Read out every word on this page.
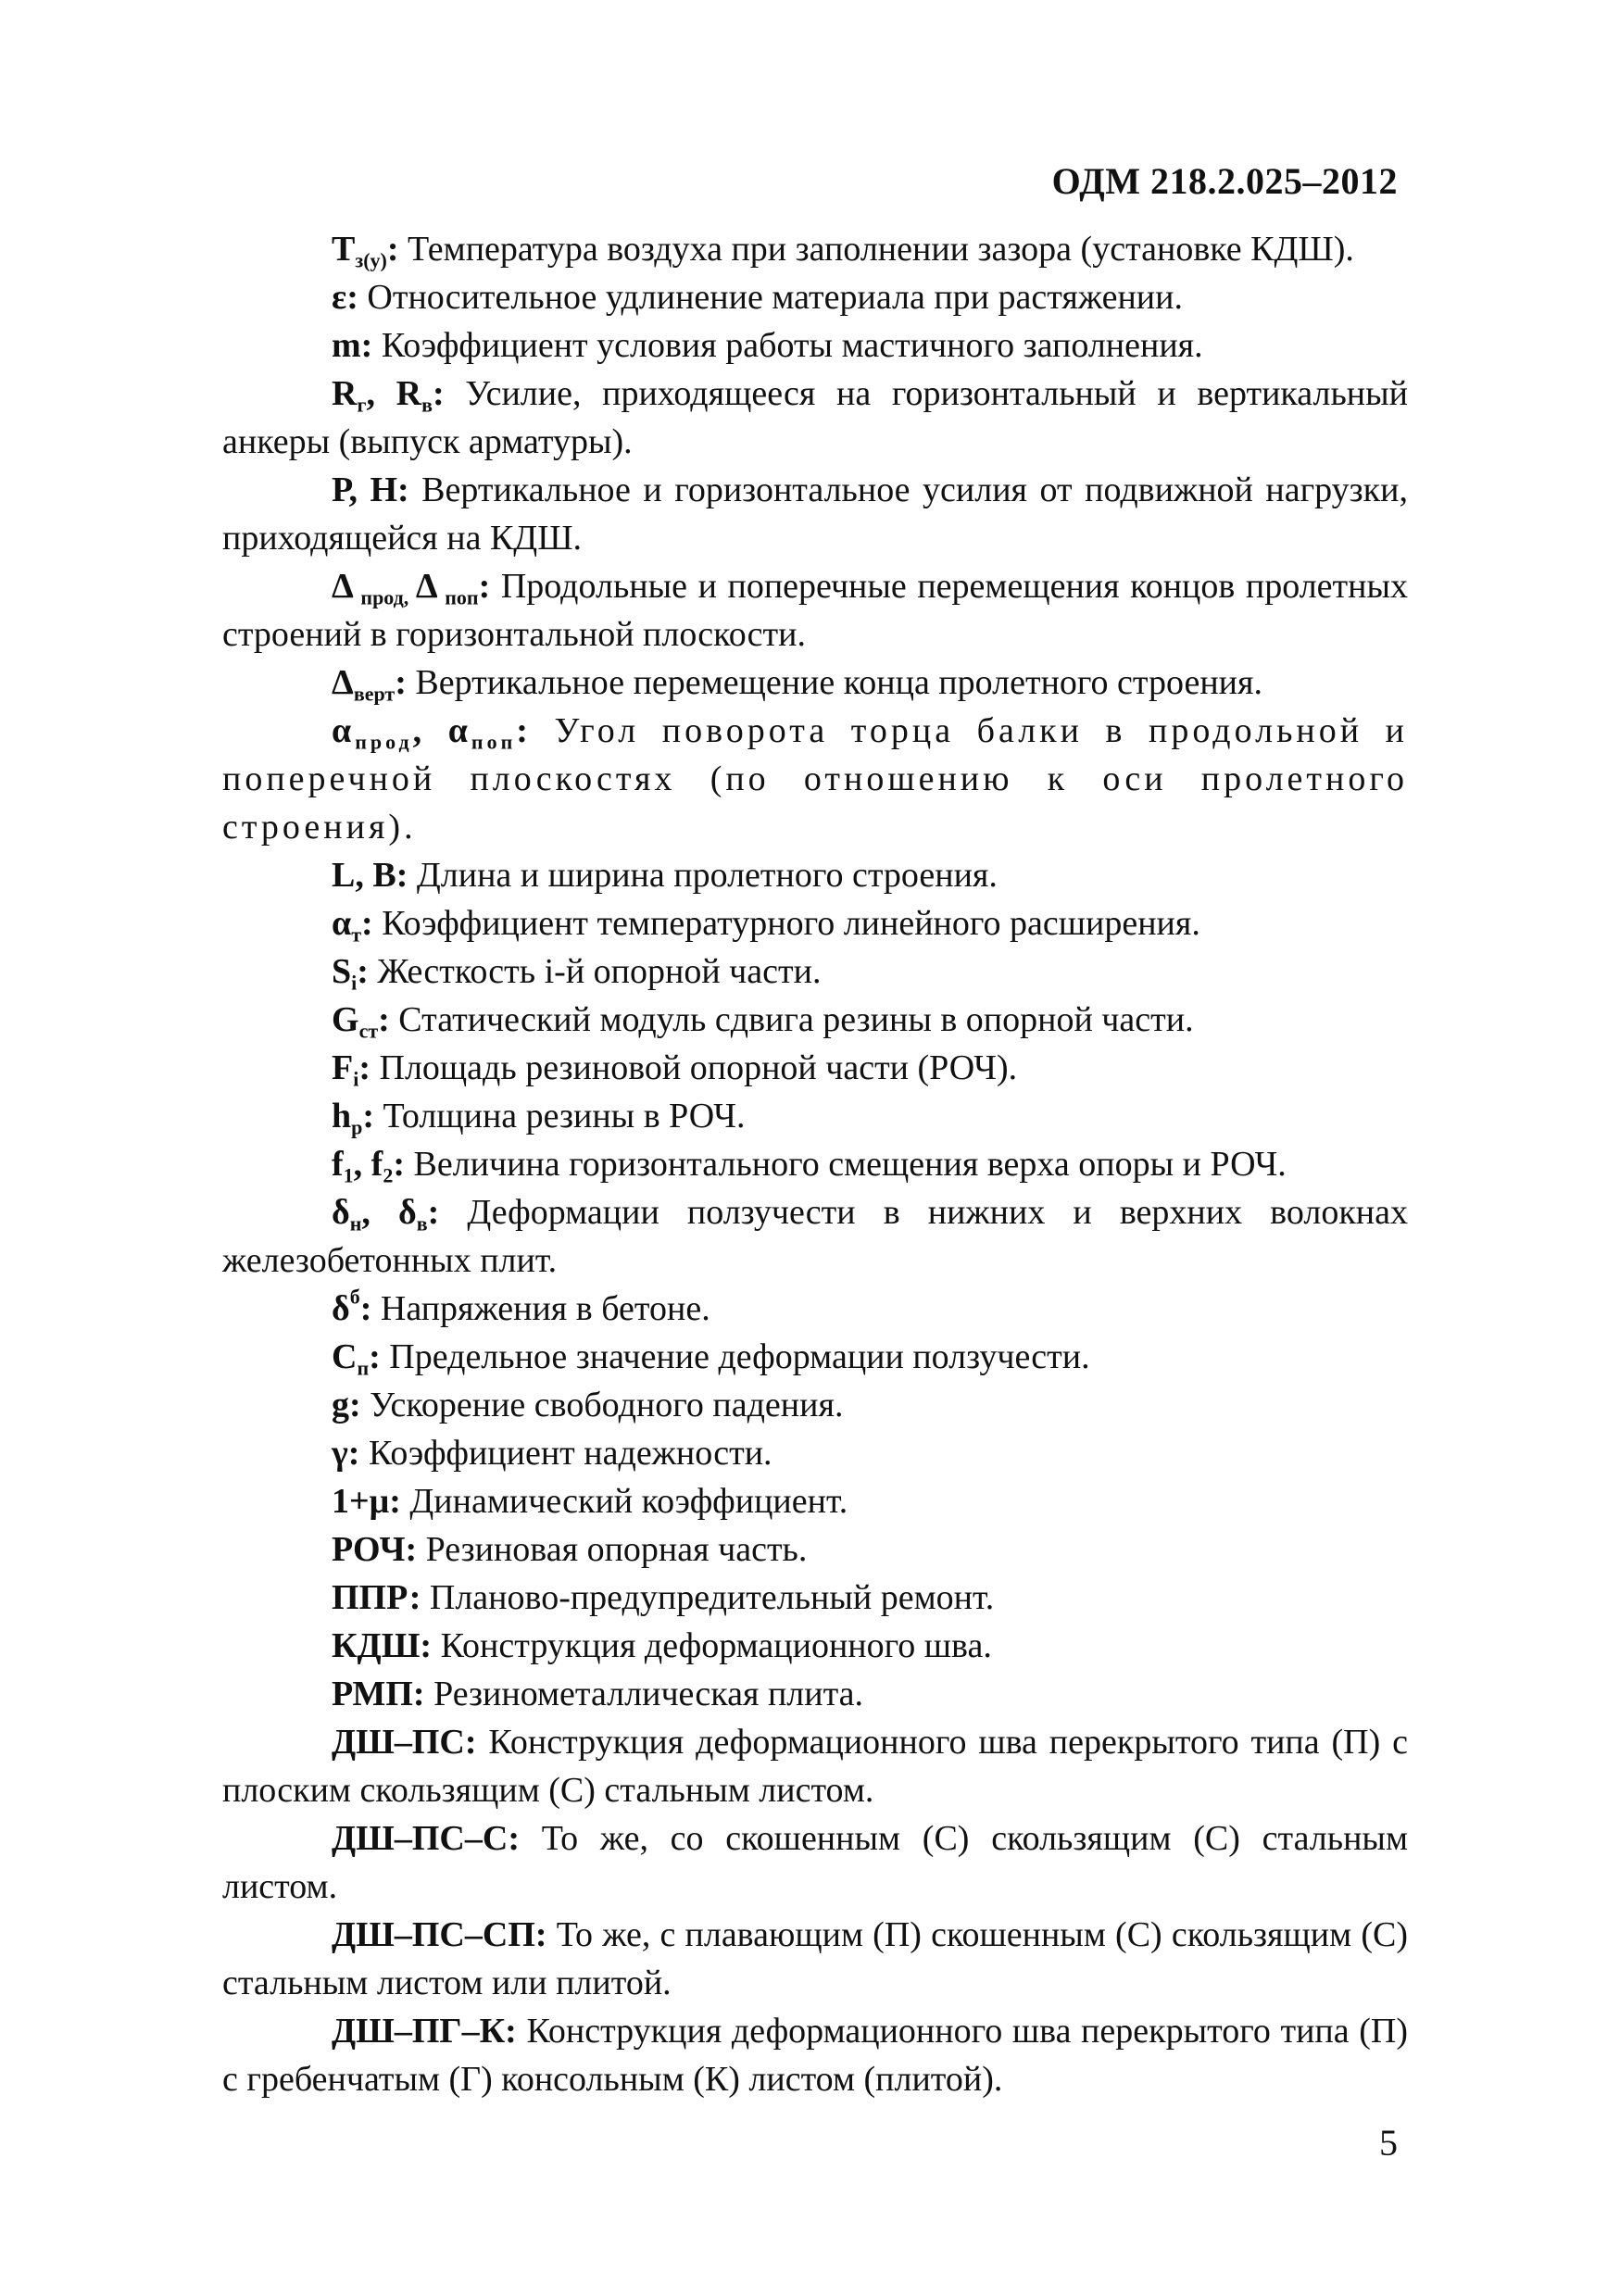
ОДМ 218.2.025–2012

$Т_{з(у)}$: Температура воздуха при заполнении зазора (установке КДШ).

ε: Относительное удлинение материала при растяжении.

m: Коэффициент условия работы мастичного заполнения.

$R_г$, $R_в$: Усилие, приходящееся на горизонтальный и вертикальный анкеры (выпуск арматуры).

Р, Н: Вертикальное и горизонтальное усилия от подвижной нагрузки, приходящейся на КДШ.

Δ $_{прод,}$ Δ $_{поп}$: Продольные и поперечные перемещения концов пролетных строений в горизонтальной плоскости.

$\Delta_{верт}$: Вертикальное перемещение конца пролетного строения.

$\alpha_{прод}$, $\alpha_{поп}$: Угол поворота торца балки в продольной и поперечной плоскостях (по отношению к оси пролетного строения).

L, В: Длина и ширина пролетного строения.

$\alpha_т$: Коэффициент температурного линейного расширения.

$S_i$: Жесткость i-й опорной части.

$G_{ст}$: Статический модуль сдвига резины в опорной части.

$F_i$: Площадь резиновой опорной части (РОЧ).

$h_р$: Толщина резины в РОЧ.

$f_1$, $f_2$: Величина горизонтального смещения верха опоры и РОЧ.

$\delta_н$, $\delta_в$: Деформации ползучести в нижних и верхних волокнах железобетонных плит.

$\delta^б$: Напряжения в бетоне.

$С_п$: Предельное значение деформации ползучести.

g: Ускорение свободного падения.

γ: Коэффициент надежности.

1+μ: Динамический коэффициент.

РОЧ: Резиновая опорная часть.

ППР: Планово-предупредительный ремонт.

КДШ: Конструкция деформационного шва.

РМП: Резинометаллическая плита.

ДШ–ПС: Конструкция деформационного шва перекрытого типа (П) с плоским скользящим (С) стальным листом.

ДШ–ПС–С: То же, со скошенным (С) скользящим (С) стальным листом.

ДШ–ПС–СП: То же, с плавающим (П) скошенным (С) скользящим (С) стальным листом или плитой.

ДШ–ПГ–К: Конструкция деформационного шва перекрытого типа (П) с гребенчатым (Г) консольным (К) листом (плитой).

5
